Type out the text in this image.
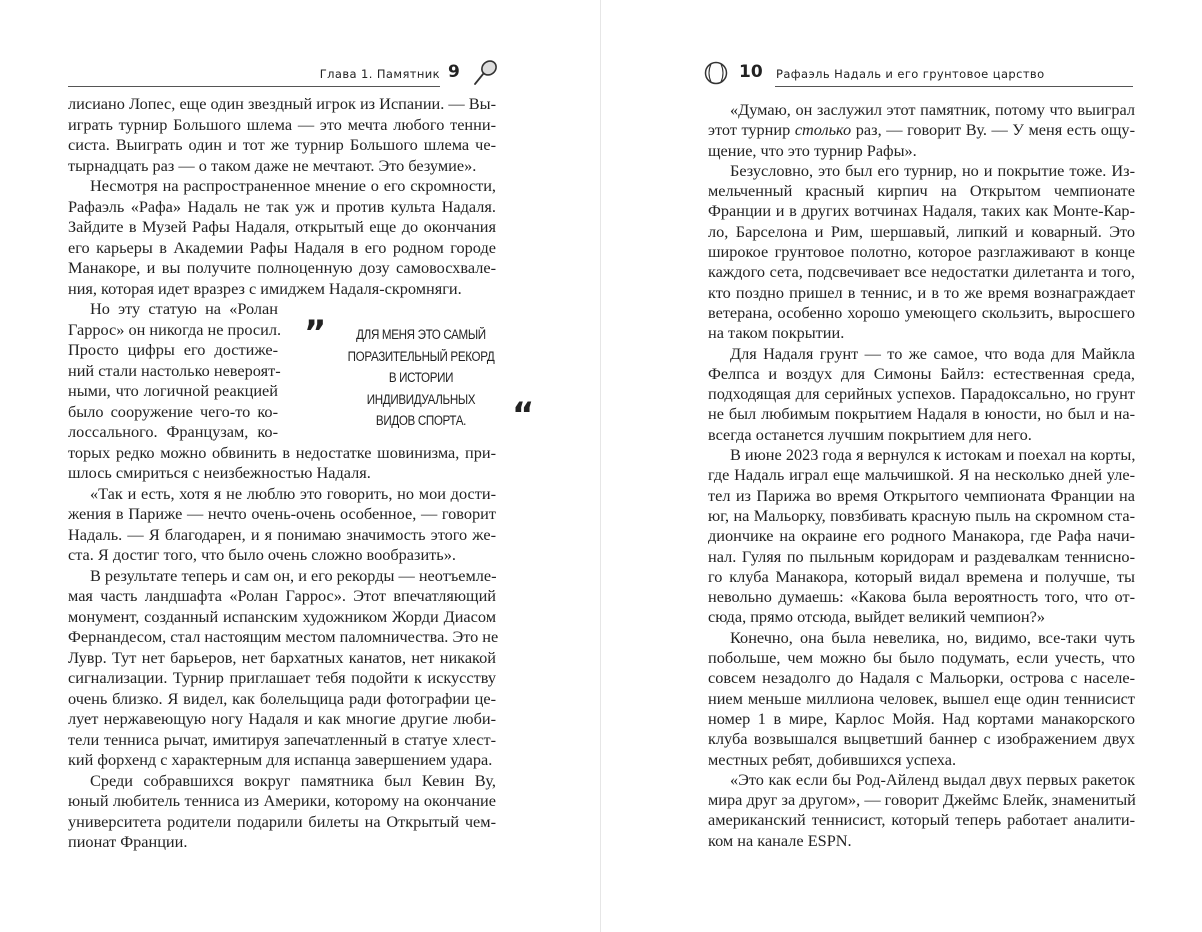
Глава 1. Памятник 9	10 Рафаэль Надаль и его грунтовое царство
лисиано Лопес, еще один звездный игрок из Испании. — Вы-
играть турнир Большого шлема — это мечта любого тенни-
систа. Выиграть один и тот же турнир Большого шлема че-
тырнадцать раз — о таком даже не мечтают. Это безумие».
Несмотря на распространенное мнение о его скромности,
Рафаэль «Рафа» Надаль не так уж и против культа Надаля.
Зайдите в Музей Рафы Надаля, открытый еще до окончания
его карьеры в Академии Рафы Надаля в его родном городе
Манакоре, и вы получите полноценную дозу самовосхвале-
ния, которая идет вразрез с имиджем Надаля-скромняги.
Но эту статую на «Ролан
Гаррос» он никогда не просил.
Просто цифры его достиже-
ний стали настолько невероят-
ными, что логичной реакцией
было сооружение чего-то ко-
лоссального. Французам, ко-
торых редко можно обвинить в недостатке шовинизма, при-
шлось смириться с неизбежностью Надаля.
«Так и есть, хотя я не люблю это говорить, но мои дости-
жения в Париже — нечто очень-очень особенное, — говорит
Надаль. — Я благодарен, и я понимаю значимость этого же-
ста. Я достиг того, что было очень сложно вообразить».
В результате теперь и сам он, и его рекорды — неотъемле-
мая часть ландшафта «Ролан Гаррос». Этот впечатляющий
монумент, созданный испанским художником Жорди Диасом
Фернандесом, стал настоящим местом паломничества. Это не
Лувр. Тут нет барьеров, нет бархатных канатов, нет никакой
сигнализации. Турнир приглашает тебя подойти к искусству
очень близко. Я видел, как болельщица ради фотографии це-
лует нержавеющую ногу Надаля и как многие другие люби-
тели тенниса рычат, имитируя запечатленный в статуе хлест-
кий форхенд с характерным для испанца завершением удара.
Среди собравшихся вокруг памятника был Кевин Ву,
юный любитель тенниса из Америки, которому на окончание
университета родители подарили билеты на Открытый чем-
пионат Франции.
«Думаю, он заслужил этот памятник, потому что выиграл
этот турнир столько раз, — говорит Ву. — У меня есть ощу-
щение, что это турнир Рафы».
Безусловно, это был его турнир, но и покрытие тоже. Из-
мельченный красный кирпич на Открытом чемпионате
Франции и в других вотчинах Надаля, таких как Монте-Кар-
ло, Барселона и Рим, шершавый, липкий и коварный. Это
широкое грунтовое полотно, которое разглаживают в конце
каждого сета, подсвечивает все недостатки дилетанта и того,
кто поздно пришел в теннис, и в то же время вознаграждает
ветерана, особенно хорошо умеющего скользить, выросшего
на таком покрытии.
Для Надаля грунт — то же самое, что вода для Майкла
Фелпса и воздух для Симоны Байлз: естественная среда,
подходящая для серийных успехов. Парадоксально, но грунт
не был любимым покрытием Надаля в юности, но был и на-
всегда останется лучшим покрытием для него.
В июне 2023 года я вернулся к истокам и поехал на корты,
где Надаль играл еще мальчишкой. Я на несколько дней уле-
тел из Парижа во время Открытого чемпионата Франции на
юг, на Мальорку, повзбивать красную пыль на скромном ста-
диончике на окраине его родного Манакора, где Рафа начи-
нал. Гуляя по пыльным коридорам и раздевалкам теннисно-
го клуба Манакора, который видал времена и получше, ты
невольно думаешь: «Какова была вероятность того, что от-
сюда, прямо отсюда, выйдет великий чемпион?»
Конечно, она была невелика, но, видимо, все-таки чуть
побольше, чем можно бы было подумать, если учесть, что
совсем незадолго до Надаля с Мальорки, острова с населе-
нием меньше миллиона человек, вышел еще один теннисист
номер 1 в мире, Карлос Мойя. Над кортами манакорского
клуба возвышался выцветший баннер с изображением двух
местных ребят, добившихся успеха.
«Это как если бы Род-Айленд выдал двух первых ракеток
мира друг за другом», — говорит Джеймс Блейк, знаменитый
американский теннисист, который теперь работает аналити-
ком на канале ESPN.
”	ДЛЯ МЕНЯ ЭТО САМЫЙ
ПОРАЗИТЕЛЬНЫЙ РЕКОРД
В ИСТОРИИ ИНДИВИДУАЛЬНЫХ
ВИДОВ СПОРТА.	“
